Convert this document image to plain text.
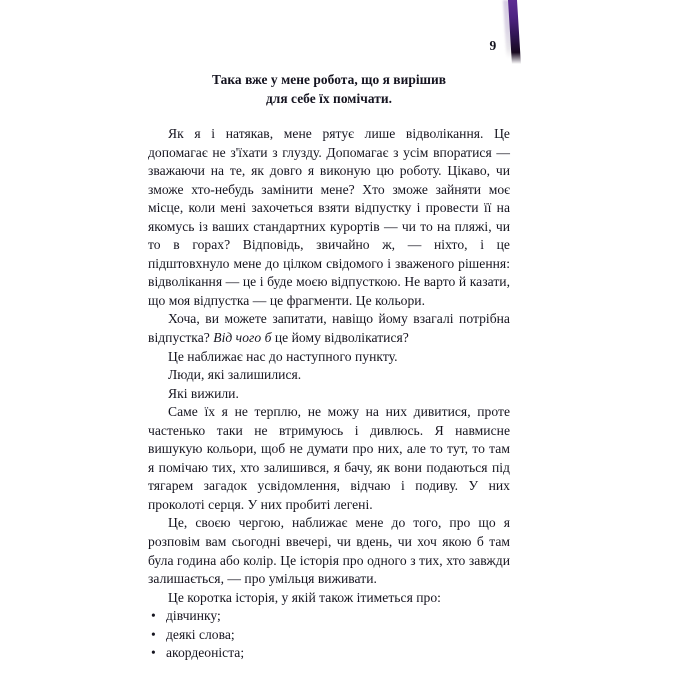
9
Така вже у мене робота, що я вирішив
для себе їх помічати.

Як я і натякав, мене рятує лише відволікання. Це допомагає не з'їхати з глузду. Допомагає з усім впоратися — зважаючи на те, як довго я виконую цю роботу. Цікаво, чи зможе хто-небудь замінити мене? Хто зможе зайняти моє місце, коли мені захочеться взяти відпустку і провести її на якомусь із ваших стандартних курортів — чи то на пляжі, чи то в горах? Відповідь, звичайно ж, — ніхто, і це підштовхнуло мене до цілком свідомого і зваженого рішення: відволікання — це і буде моєю відпусткою. Не варто й казати, що моя відпустка — це фрагменти. Це кольори.

Хоча, ви можете запитати, навіщо йому взагалі потрібна відпустка? Від чого б це йому відволікатися?

Це наближає нас до наступного пункту.

Люди, які залишилися.

Які вижили.

Саме їх я не терплю, не можу на них дивитися, проте частенько таки не втримуюсь і дивлюсь. Я навмисне вишукую кольори, щоб не думати про них, але то тут, то там я помічаю тих, хто залишився, я бачу, як вони подаються під тягарем загадок усвідомлення, відчаю і подиву. У них проколоті серця. У них пробиті легені.

Це, своєю чергою, наближає мене до того, про що я розповім вам сьогодні ввечері, чи вдень, чи хоч якою б там була година або колір. Це історія про одного з тих, хто завжди залишається, — про умільця виживати.

Це коротка історія, у якій також ітиметься про:

• дівчинку;
• деякі слова;
• акордеоніста;
